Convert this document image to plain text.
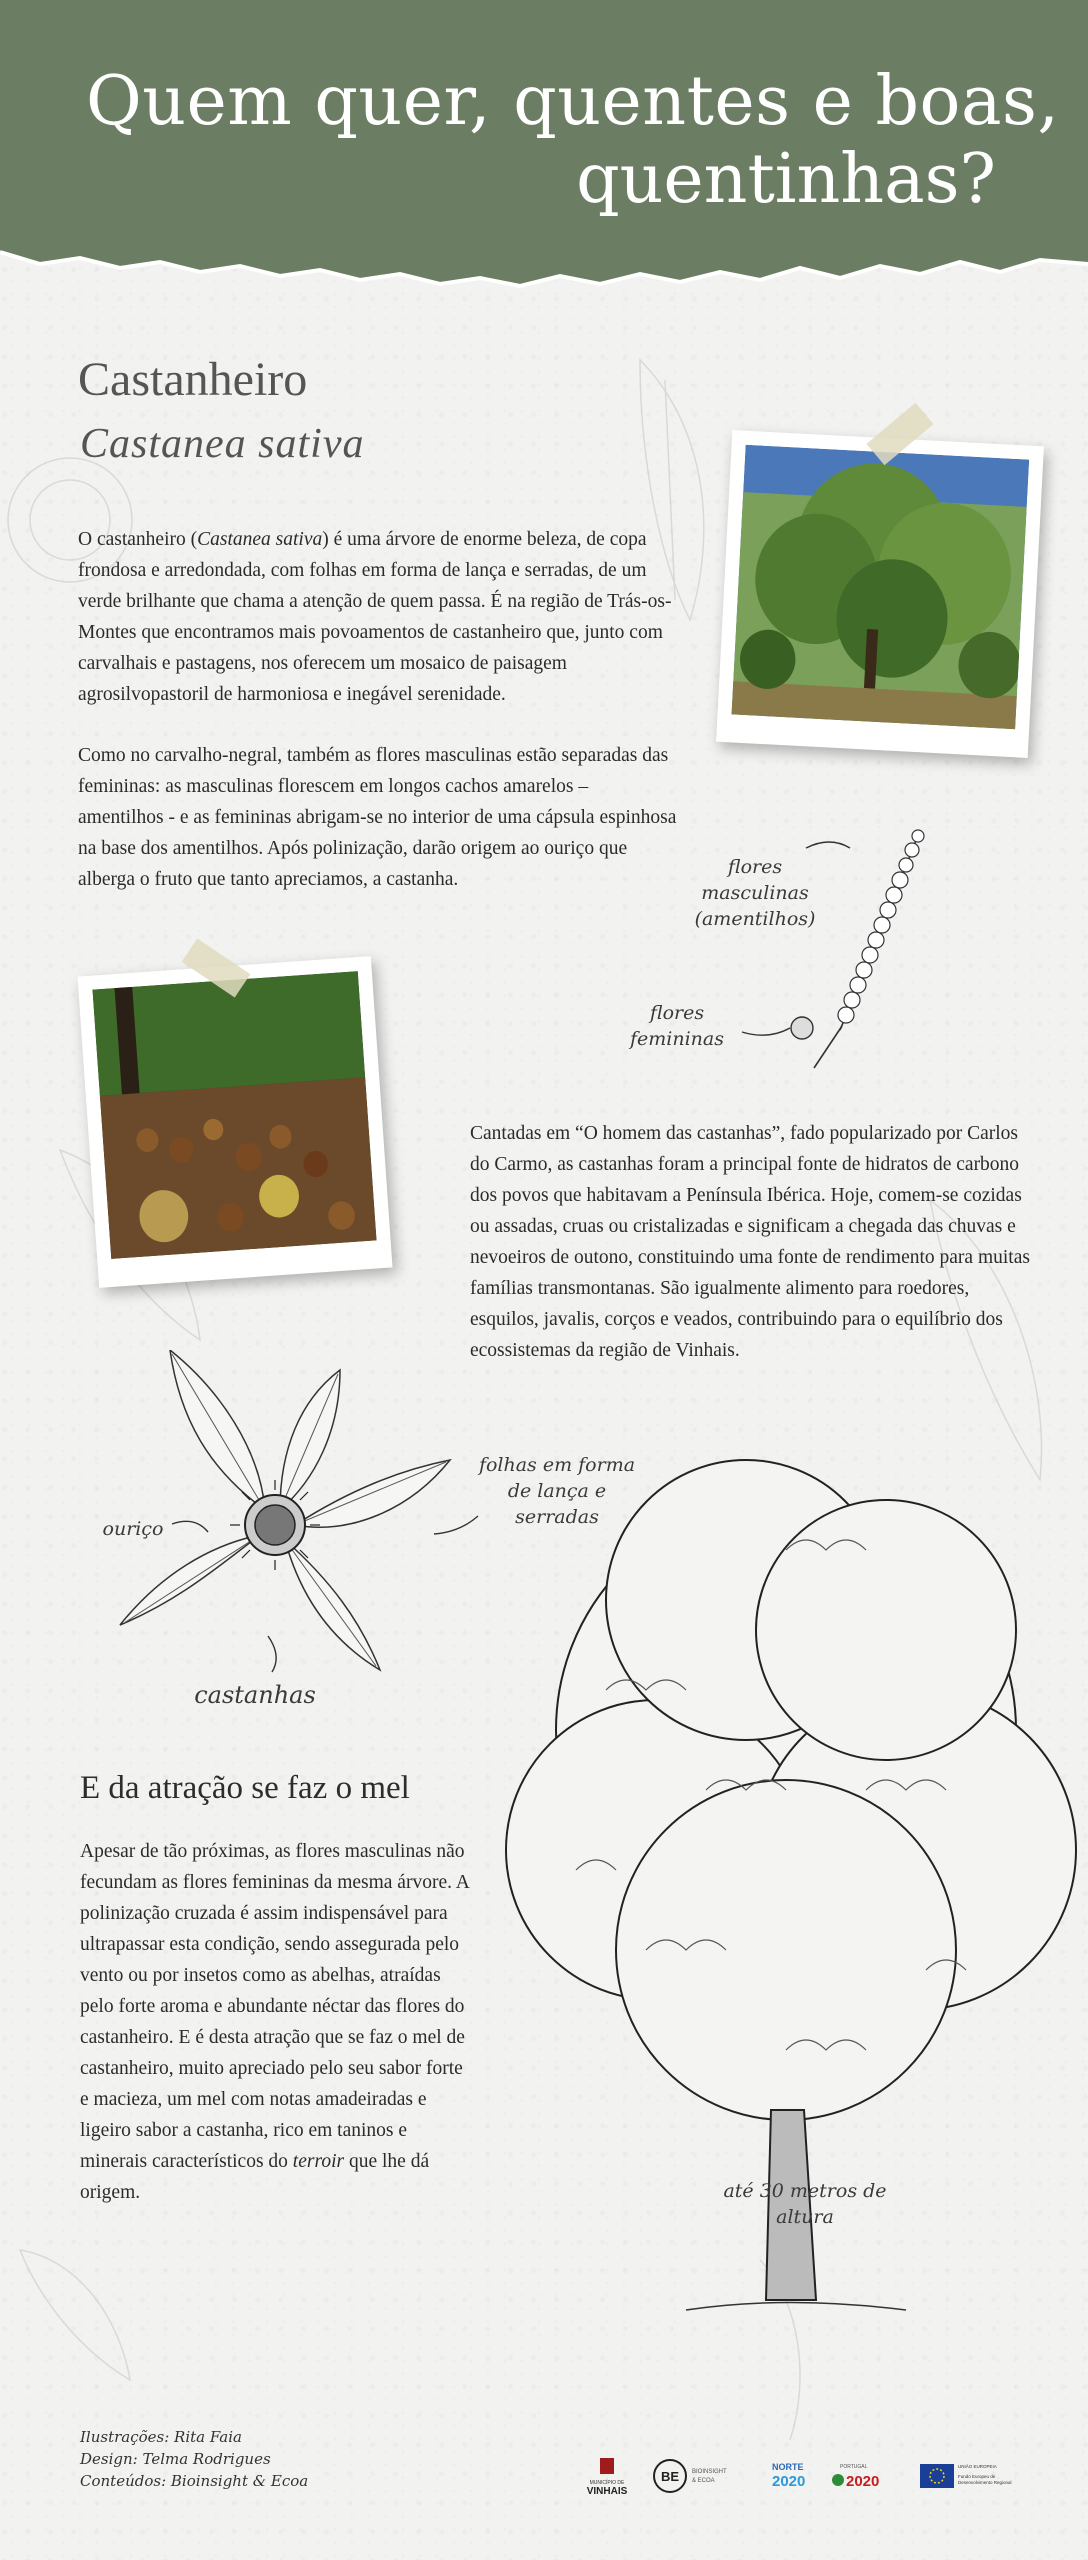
Quem quer, quentes e boas,
quentinhas?
Castanheiro
Castanea sativa
O castanheiro (Castanea sativa) é uma árvore de enorme beleza, de copa frondosa e arredondada, com folhas em forma de lança e serradas, de um verde brilhante que chama a atenção de quem passa. É na região de Trás-os-Montes que encontramos mais povoamentos de castanheiro que, junto com carvalhais e pastagens, nos oferecem um mosaico de paisagem agrosilvopastoril de harmoniosa e inegável serenidade.
Como no carvalho-negral, também as flores masculinas estão separadas das femininas: as masculinas florescem em longos cachos amarelos – amentilhos - e as femininas abrigam-se no interior de uma cápsula espinhosa na base dos amentilhos. Após polinização, darão origem ao ouriço que alberga o fruto que tanto apreciamos, a castanha.
flores masculinas
(amentilhos)
flores femininas
Cantadas em “O homem das castanhas”, fado popularizado por Carlos do Carmo, as castanhas foram a principal fonte de hidratos de carbono dos povos que habitavam a Península Ibérica. Hoje, comem-se cozidas ou assadas, cruas ou cristalizadas e significam a chegada das chuvas e nevoeiros de outono, constituindo uma fonte de rendimento para muitas famílias transmontanas. São igualmente alimento para roedores, esquilos, javalis, corços e veados, contribuindo para o equilíbrio dos ecossistemas da região de Vinhais.
ouriço
folhas em forma
de lança e serradas
castanhas
até 30 metros de altura
E da atração se faz o mel
Apesar de tão próximas, as flores masculinas não fecundam as flores femininas da mesma árvore. A polinização cruzada é assim indispensável para ultrapassar esta condição, sendo assegurada pelo vento ou por insetos como as abelhas, atraídas pelo forte aroma e abundante néctar das flores do castanheiro. E é desta atração que se faz o mel de castanheiro, muito apreciado pelo seu sabor forte e macieza, um mel com notas amadeiradas e ligeiro sabor a castanha, rico em taninos e minerais característicos do terroir que lhe dá origem.
Ilustrações: Rita Faia
Design: Telma Rodrigues
Conteúdos: Bioinsight & Ecoa	MUNICÍPIO DE
VINHAIS
BE BIOINSIGHT
& ECOA
NORTE
2020
PORTUGAL
2020
UNIÃO EUROPEIA
Fundo Europeu de
Desenvolvimento Regional
